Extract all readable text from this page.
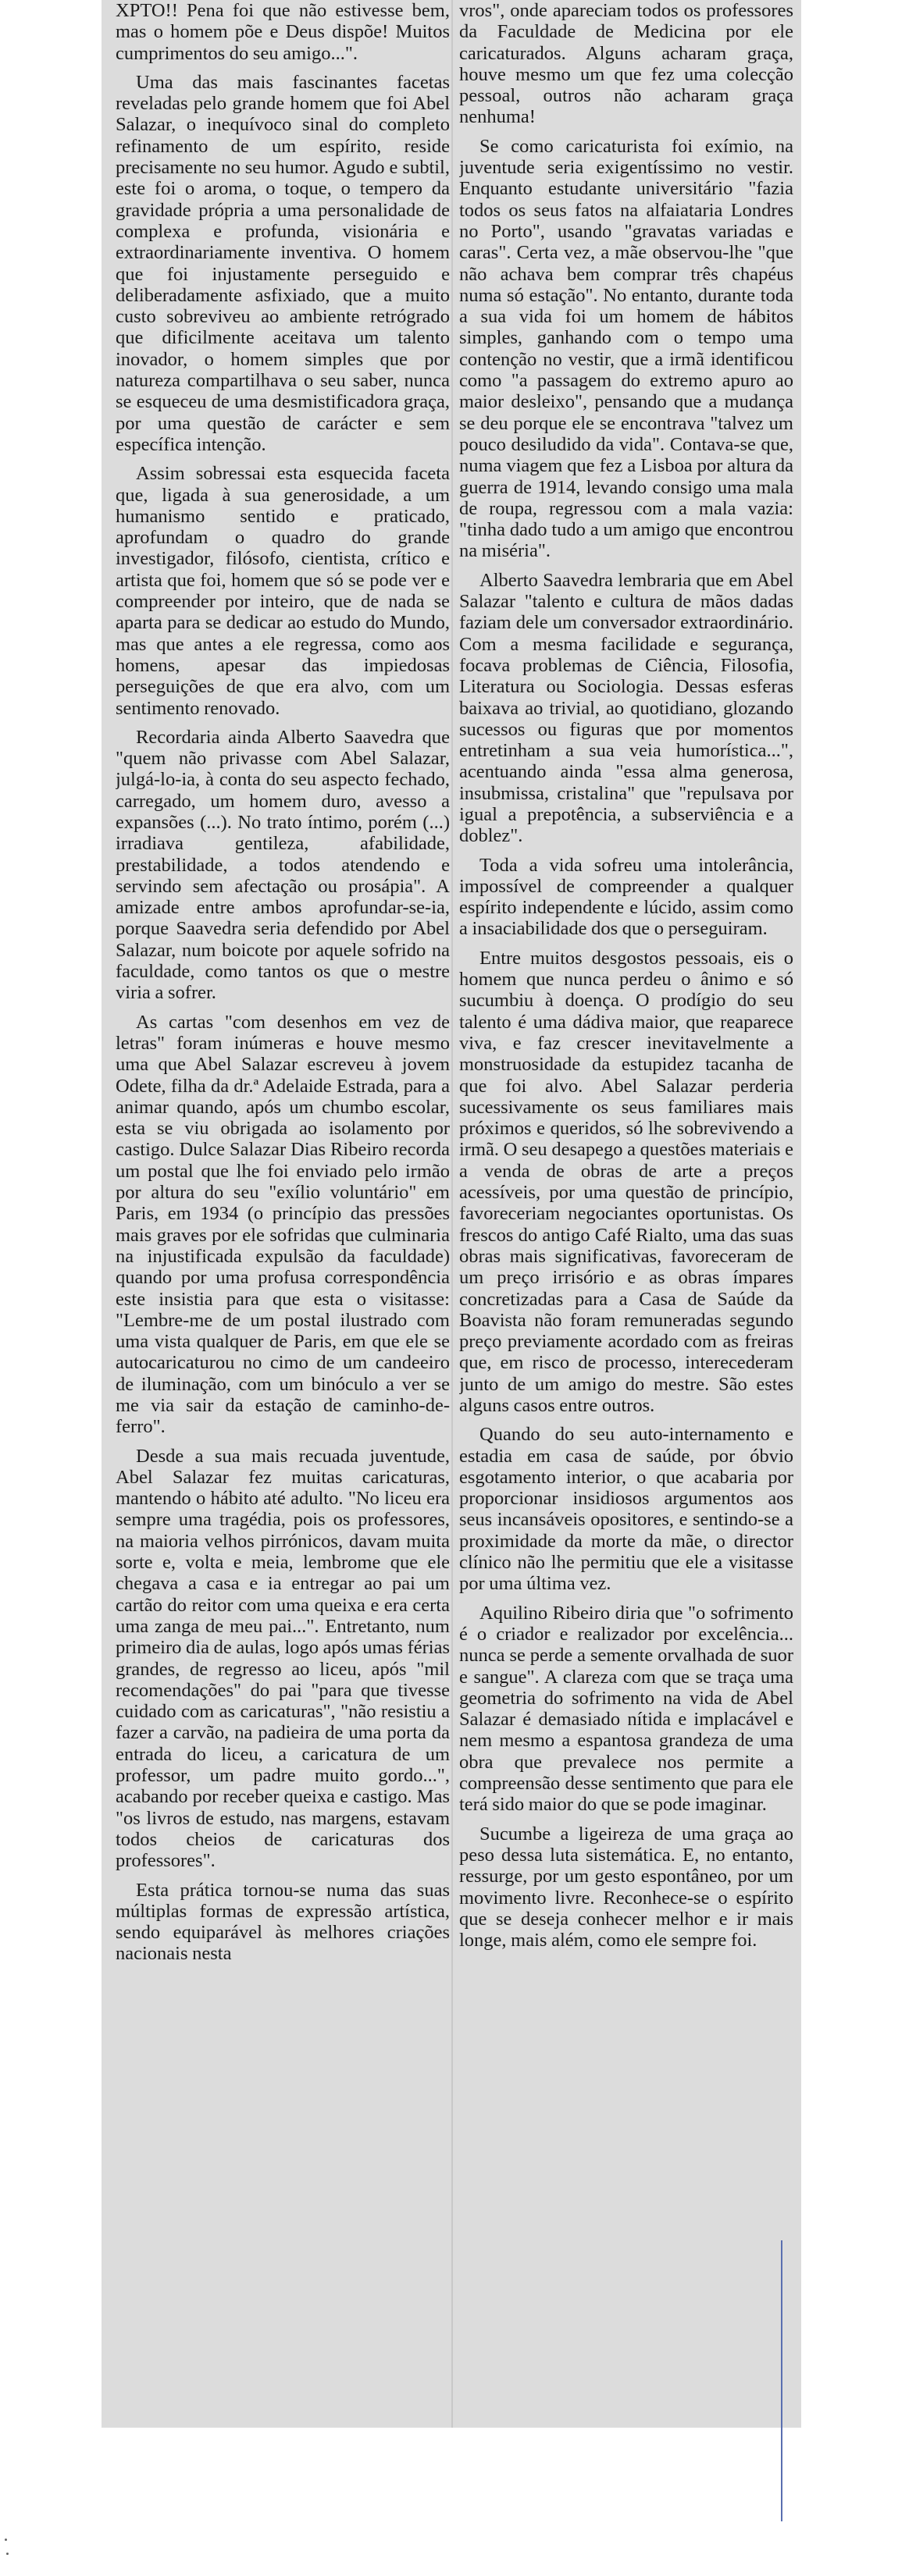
XPTO!! Pena foi que não estivesse bem, mas o homem põe e Deus dispõe! Muitos cumprimentos do seu amigo...".

Uma das mais fascinantes facetas reveladas pelo grande homem que foi Abel Salazar, o inequívoco sinal do completo refinamento de um espírito, reside precisamente no seu humor. Agudo e subtil, este foi o aroma, o toque, o tempero da gravidade própria a uma personalidade de complexa e profunda, visionária e extraordinariamente inventiva. O homem que foi injustamente perseguido e deliberadamente asfixiado, que a muito custo sobreviveu ao ambiente retrógrado que dificilmente aceitava um talento inovador, o homem simples que por natureza compartilhava o seu saber, nunca se esqueceu de uma desmistificadora graça, por uma questão de carácter e sem específica intenção.

Assim sobressai esta esquecida faceta que, ligada à sua generosidade, a um humanismo sentido e praticado, aprofundam o quadro do grande investigador, filósofo, cientista, crítico e artista que foi, homem que só se pode ver e compreender por inteiro, que de nada se aparta para se dedicar ao estudo do Mundo, mas que antes a ele regressa, como aos homens, apesar das impiedosas perseguições de que era alvo, com um sentimento renovado.

Recordaria ainda Alberto Saavedra que "quem não privasse com Abel Salazar, julgá-lo-ia, à conta do seu aspecto fechado, carregado, um homem duro, avesso a expansões (...). No trato íntimo, porém (...) irradiava gentileza, afabilidade, prestabilidade, a todos atendendo e servindo sem afectação ou prosápia". A amizade entre ambos aprofundar-se-ia, porque Saavedra seria defendido por Abel Salazar, num boicote por aquele sofrido na faculdade, como tantos os que o mestre viria a sofrer.

As cartas "com desenhos em vez de letras" foram inúmeras e houve mesmo uma que Abel Salazar escreveu à jovem Odete, filha da dr.ª Adelaide Estrada, para a animar quando, após um chumbo escolar, esta se viu obrigada ao isolamento por castigo. Dulce Salazar Dias Ribeiro recorda um postal que lhe foi enviado pelo irmão por altura do seu "exílio voluntário" em Paris, em 1934 (o princípio das pressões mais graves por ele sofridas que culminaria na injustificada expulsão da faculdade) quando por uma profusa correspondência este insistia para que esta o visitasse: "Lembre-me de um postal ilustrado com uma vista qualquer de Paris, em que ele se autocaricaturou no cimo de um candeeiro de iluminação, com um binóculo a ver se me via sair da estação de caminho-de-ferro".

Desde a sua mais recuada juventude, Abel Salazar fez muitas caricaturas, mantendo o hábito até adulto. "No liceu era sempre uma tragédia, pois os professores, na maioria velhos pirrónicos, davam muita sorte e, volta e meia, lembrome que ele chegava a casa e ia entregar ao pai um cartão do reitor com uma queixa e era certa uma zanga de meu pai...". Entretanto, num primeiro dia de aulas, logo após umas férias grandes, de regresso ao liceu, após "mil recomendações" do pai "para que tivesse cuidado com as caricaturas", "não resistiu a fazer a carvão, na padieira de uma porta da entrada do liceu, a caricatura de um professor, um padre muito gordo...", acabando por receber queixa e castigo. Mas "os livros de estudo, nas margens, estavam todos cheios de caricaturas dos professores".

Esta prática tornou-se numa das suas múltiplas formas de expressão artística, sendo equiparável às melhores criações nacionais nesta

vros", onde apareciam todos os professores da Faculdade de Medicina por ele caricaturados. Alguns acharam graça, houve mesmo um que fez uma colecção pessoal, outros não acharam graça nenhuma!

Se como caricaturista foi exímio, na juventude seria exigentíssimo no vestir. Enquanto estudante universitário "fazia todos os seus fatos na alfaiataria Londres no Porto", usando "gravatas variadas e caras". Certa vez, a mãe observou-lhe "que não achava bem comprar três chapéus numa só estação". No entanto, durante toda a sua vida foi um homem de hábitos simples, ganhando com o tempo uma contenção no vestir, que a irmã identificou como "a passagem do extremo apuro ao maior desleixo", pensando que a mudança se deu porque ele se encontrava "talvez um pouco desiludido da vida". Contava-se que, numa viagem que fez a Lisboa por altura da guerra de 1914, levando consigo uma mala de roupa, regressou com a mala vazia: "tinha dado tudo a um amigo que encontrou na miséria".

Alberto Saavedra lembraria que em Abel Salazar "talento e cultura de mãos dadas faziam dele um conversador extraordinário. Com a mesma facilidade e segurança, focava problemas de Ciência, Filosofia, Literatura ou Sociologia. Dessas esferas baixava ao trivial, ao quotidiano, glozando sucessos ou figuras que por momentos entretinham a sua veia humorística...", acentuando ainda "essa alma generosa, insubmissa, cristalina" que "repulsava por igual a prepotência, a subserviência e a doblez".

Toda a vida sofreu uma intolerância, impossível de compreender a qualquer espírito independente e lúcido, assim como a insaciabilidade dos que o perseguiram.

Entre muitos desgostos pessoais, eis o homem que nunca perdeu o ânimo e só sucumbiu à doença. O prodígio do seu talento é uma dádiva maior, que reaparece viva, e faz crescer inevitavelmente a monstruosidade da estupidez tacanha de que foi alvo. Abel Salazar perderia sucessivamente os seus familiares mais próximos e queridos, só lhe sobrevivendo a irmã. O seu desapego a questões materiais e a venda de obras de arte a preços acessíveis, por uma questão de princípio, favoreceriam negociantes oportunistas. Os frescos do antigo Café Rialto, uma das suas obras mais significativas, favoreceram de um preço irrisório e as obras ímpares concretizadas para a Casa de Saúde da Boavista não foram remuneradas segundo preço previamente acordado com as freiras que, em risco de processo, interecederam junto de um amigo do mestre. São estes alguns casos entre outros.

Quando do seu auto-internamento e estadia em casa de saúde, por óbvio esgotamento interior, o que acabaria por proporcionar insidiosos argumentos aos seus incansáveis opositores, e sentindo-se a proximidade da morte da mãe, o director clínico não lhe permitiu que ele a visitasse por uma última vez.

Aquilino Ribeiro diria que "o sofrimento é o criador e realizador por excelência... nunca se perde a semente orvalhada de suor e sangue". A clareza com que se traça uma geometria do sofrimento na vida de Abel Salazar é demasiado nítida e implacável e nem mesmo a espantosa grandeza de uma obra que prevalece nos permite a compreensão desse sentimento que para ele terá sido maior do que se pode imaginar.

Sucumbe a ligeireza de uma graça ao peso dessa luta sistemática. E, no entanto, ressurge, por um gesto espontâneo, por um movimento livre. Reconhece-se o espírito que se deseja conhecer melhor e ir mais longe, mais além, como ele sempre foi.
